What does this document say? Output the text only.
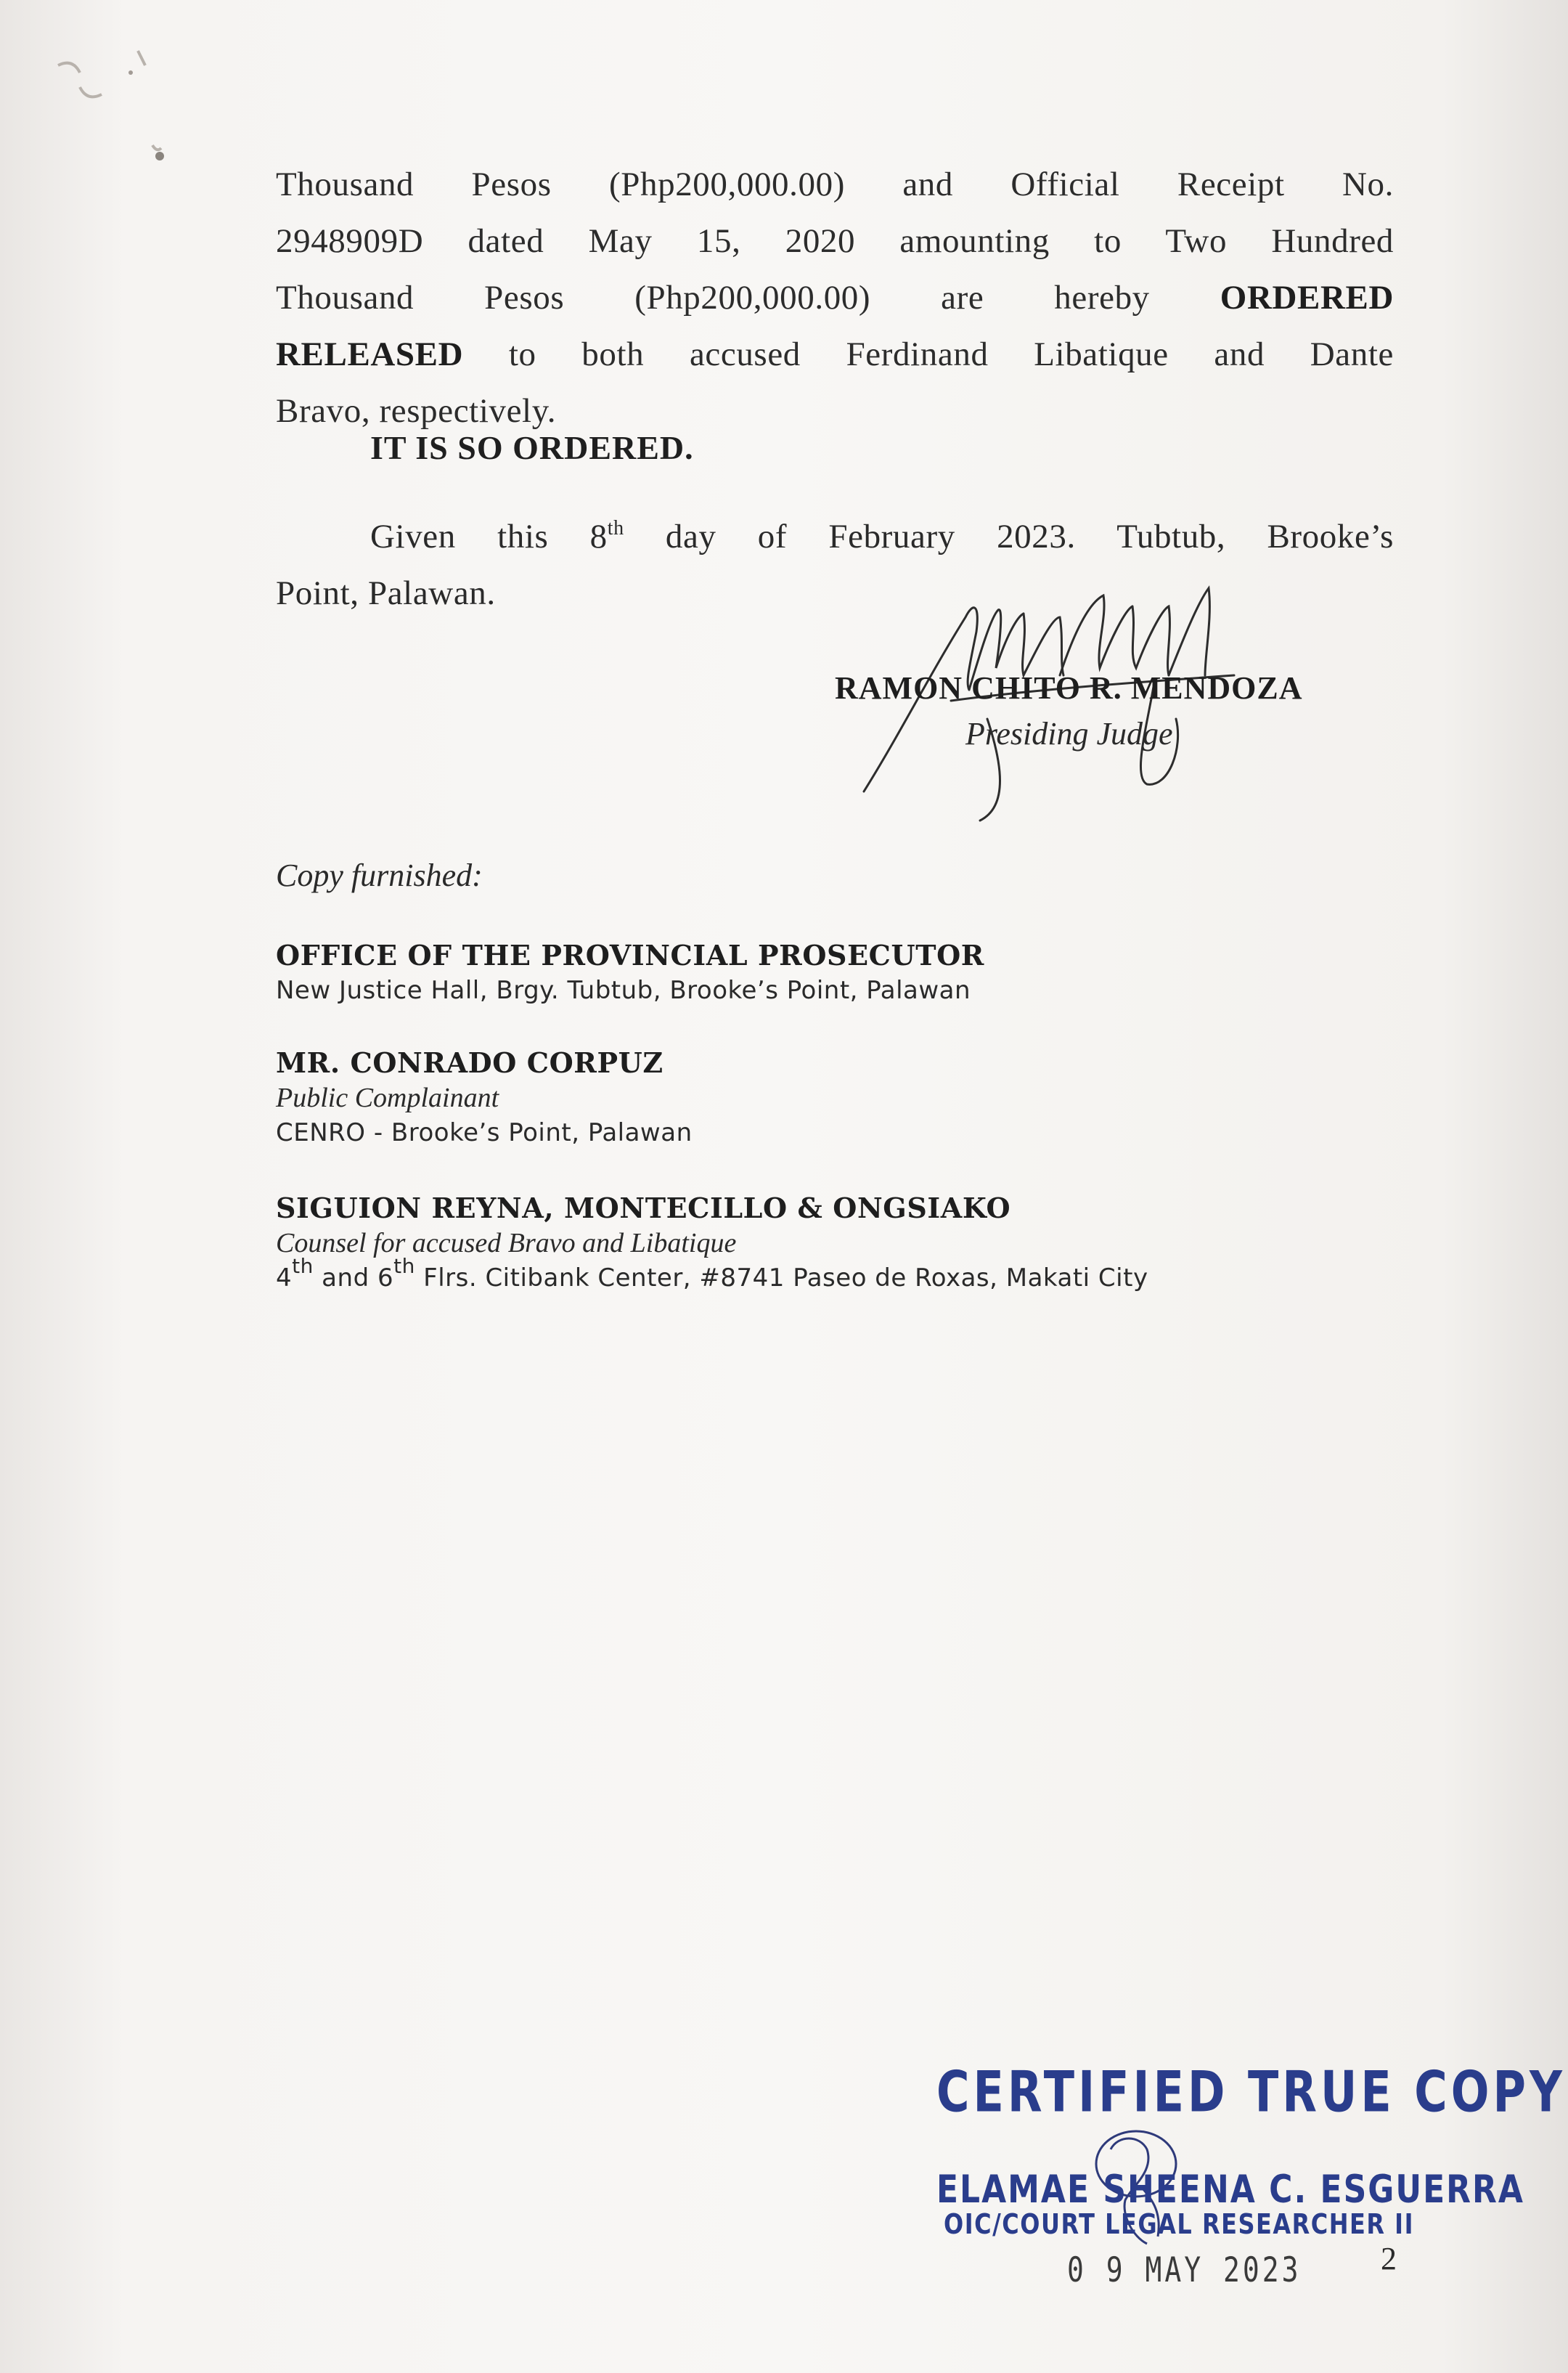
Thousand Pesos (Php200,000.00) and Official Receipt No.
2948909D dated May 15, 2020 amounting to Two Hundred
Thousand Pesos (Php200,000.00) are hereby ORDERED
RELEASED to both accused Ferdinand Libatique and Dante
Bravo, respectively.
IT IS SO ORDERED.
Given this 8th day of February 2023. Tubtub, Brooke’s
Point, Palawan.
RAMON CHITO R. MENDOZA
Presiding Judge
Copy furnished:
OFFICE OF THE PROVINCIAL PROSECUTOR
New Justice Hall, Brgy. Tubtub, Brooke’s Point, Palawan
MR. CONRADO CORPUZ
Public Complainant
CENRO - Brooke’s Point, Palawan
SIGUION REYNA, MONTECILLO & ONGSIAKO
Counsel for accused Bravo and Libatique
4th and 6th Flrs. Citibank Center, #8741 Paseo de Roxas, Makati City
CERTIFIED TRUE COPY
ELAMAE SHEENA C. ESGUERRA
OIC/COURT LEGAL RESEARCHER II
0 9 MAY 2023 2
